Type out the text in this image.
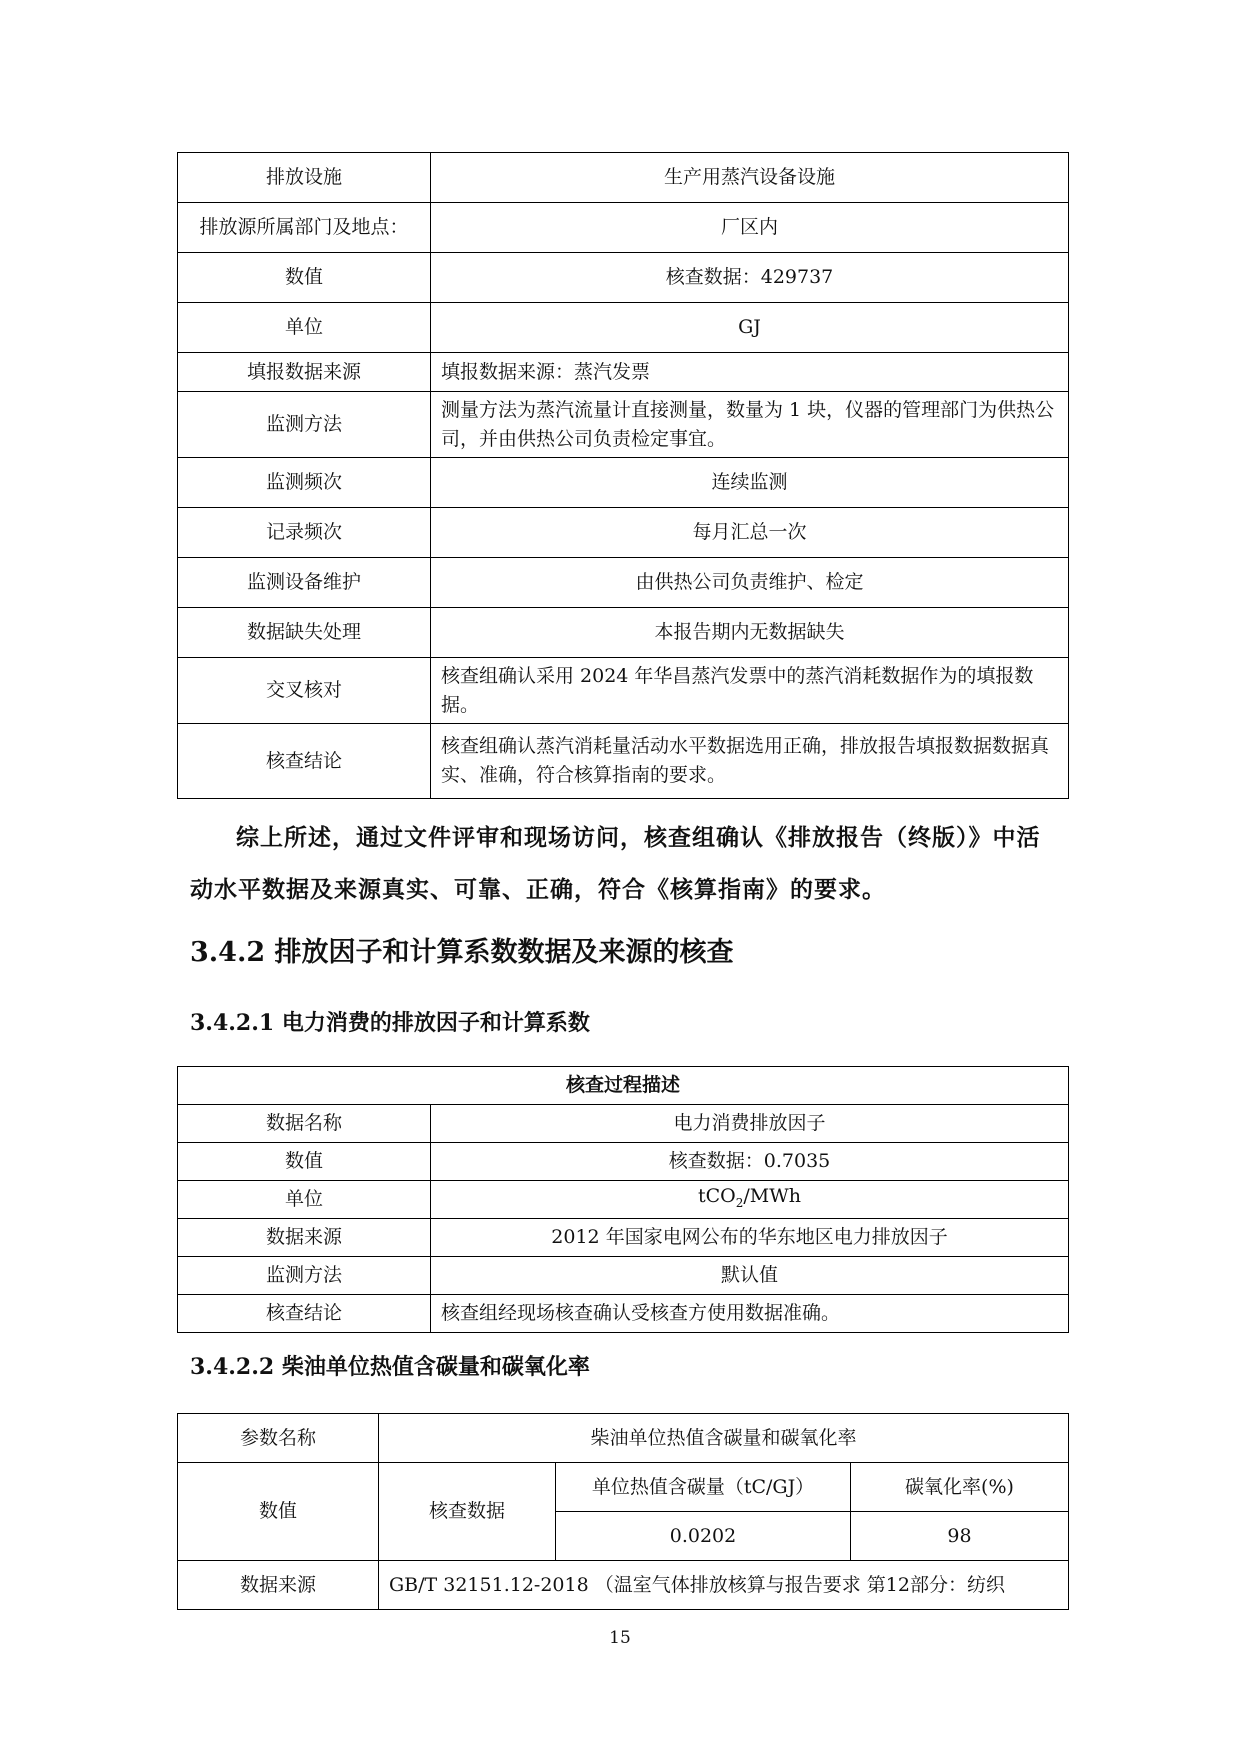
排放设施	生产用蒸汽设备设施
排放源所属部门及地点：	厂区内
数值	核查数据：429737
单位	GJ
填报数据来源	填报数据来源：蒸汽发票
监测方法	测量方法为蒸汽流量计直接测量，数量为 1 块，仪器的管理部门为供热公司，并由供热公司负责检定事宜。
监测频次	连续监测
记录频次	每月汇总一次
监测设备维护	由供热公司负责维护、检定
数据缺失处理	本报告期内无数据缺失
交叉核对	核查组确认采用 2024 年华昌蒸汽发票中的蒸汽消耗数据作为的填报数据。
核查结论	核查组确认蒸汽消耗量活动水平数据选用正确，排放报告填报数据数据真实、准确，符合核算指南的要求。
综上所述，通过文件评审和现场访问，核查组确认《排放报告（终版）》中活动水平数据及来源真实、可靠、正确，符合《核算指南》的要求。
3.4.2 排放因子和计算系数数据及来源的核查
3.4.2.1 电力消费的排放因子和计算系数
核查过程描述	
数据名称	电力消费排放因子
数值	核查数据：0.7035
单位	tCO$_2$/MWh
数据来源	2012 年国家电网公布的华东地区电力排放因子
监测方法	默认值
核查结论	核查组经现场核查确认受核查方使用数据准确。
3.4.2.2 柴油单位热值含碳量和碳氧化率
参数名称	柴油单位热值含碳量和碳氧化率		
数值	核查数据	单位热值含碳量（tC/GJ）	碳氧化率(%)
		0.0202	98
数据来源	GB/T 32151.12-2018 （温室气体排放核算与报告要求 第12部分：纺织		
15
